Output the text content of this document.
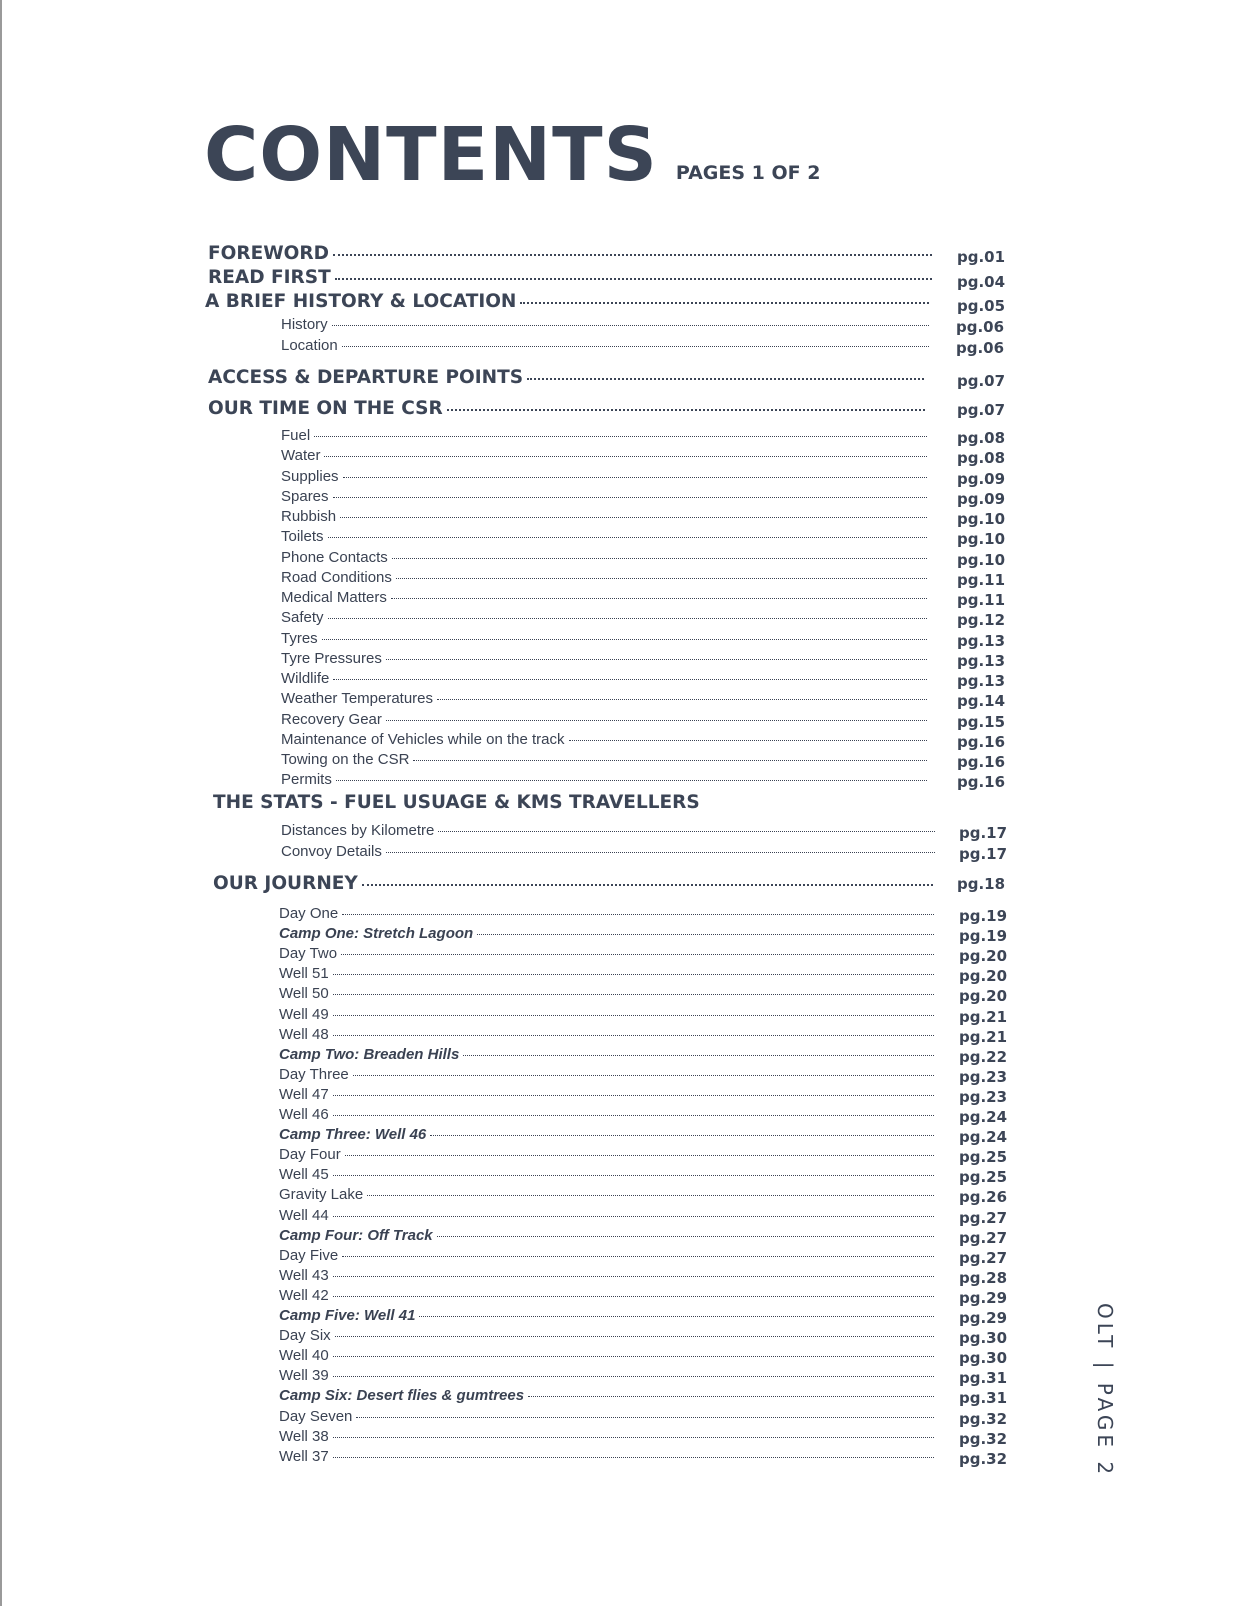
CONTENTS PAGES 1 OF 2
OLT | PAGE 2
FOREWORD	pg.01
READ FIRST	pg.04
A BRIEF HISTORY & LOCATION	pg.05
History	pg.06
Location	pg.06
ACCESS & DEPARTURE POINTS	pg.07
OUR TIME ON THE CSR	pg.07
Fuel	pg.08
Water	pg.08
Supplies	pg.09
Spares	pg.09
Rubbish	pg.10
Toilets	pg.10
Phone Contacts	pg.10
Road Conditions	pg.11
Medical Matters	pg.11
Safety	pg.12
Tyres	pg.13
Tyre Pressures	pg.13
Wildlife	pg.13
Weather Temperatures	pg.14
Recovery Gear	pg.15
Maintenance of Vehicles while on the track	pg.16
Towing on the CSR	pg.16
Permits	pg.16
THE STATS - FUEL USUAGE & KMS TRAVELLERS
Distances by Kilometre	pg.17
Convoy Details	pg.17
OUR JOURNEY	pg.18
Day One	pg.19
Camp One: Stretch Lagoon	pg.19
Day Two	pg.20
Well 51	pg.20
Well 50	pg.20
Well 49	pg.21
Well 48	pg.21
Camp Two: Breaden Hills	pg.22
Day Three	pg.23
Well 47	pg.23
Well 46	pg.24
Camp Three: Well 46	pg.24
Day Four	pg.25
Well 45	pg.25
Gravity Lake	pg.26
Well 44	pg.27
Camp Four: Off Track	pg.27
Day Five	pg.27
Well 43	pg.28
Well 42	pg.29
Camp Five: Well 41	pg.29
Day Six	pg.30
Well 40	pg.30
Well 39	pg.31
Camp Six: Desert flies & gumtrees	pg.31
Day Seven	pg.32
Well 38	pg.32
Well 37	pg.32
